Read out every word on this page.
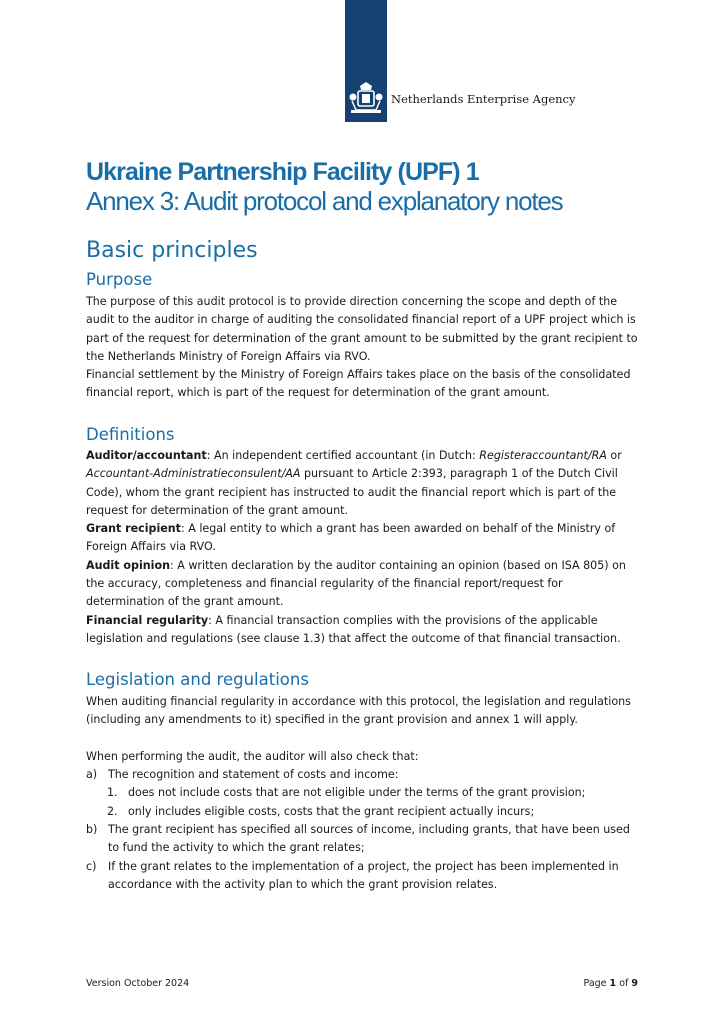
Netherlands Enterprise Agency
Ukraine Partnership Facility (UPF) 1
Annex 3: Audit protocol and explanatory notes
Basic principles
Purpose

The purpose of this audit protocol is to provide direction concerning the scope and depth of the audit to the auditor in charge of auditing the consolidated financial report of a UPF project which is part of the request for determination of the grant amount to be submitted by the grant recipient to the Netherlands Ministry of Foreign Affairs via RVO.

Financial settlement by the Ministry of Foreign Affairs takes place on the basis of the consolidated financial report, which is part of the request for determination of the grant amount.

Definitions

Auditor/accountant: An independent certified accountant (in Dutch: Registeraccountant/RA or Accountant-Administratieconsulent/AA pursuant to Article 2:393, paragraph 1 of the Dutch Civil Code), whom the grant recipient has instructed to audit the financial report which is part of the request for determination of the grant amount.

Grant recipient: A legal entity to which a grant has been awarded on behalf of the Ministry of Foreign Affairs via RVO.

Audit opinion: A written declaration by the auditor containing an opinion (based on ISA 805) on the accuracy, completeness and financial regularity of the financial report/request for determination of the grant amount.

Financial regularity: A financial transaction complies with the provisions of the applicable legislation and regulations (see clause 1.3) that affect the outcome of that financial transaction.

Legislation and regulations

When auditing financial regularity in accordance with this protocol, the legislation and regulations (including any amendments to it) specified in the grant provision and annex 1 will apply.

When performing the audit, the auditor will also check that:

a) The recognition and statement of costs and income:
1. does not include costs that are not eligible under the terms of the grant provision;
2. only includes eligible costs, costs that the grant recipient actually incurs;
b) The grant recipient has specified all sources of income, including grants, that have been used to fund the activity to which the grant relates;
c) If the grant relates to the implementation of a project, the project has been implemented in accordance with the activity plan to which the grant provision relates.
Version October 2024	Page 1 of 9
